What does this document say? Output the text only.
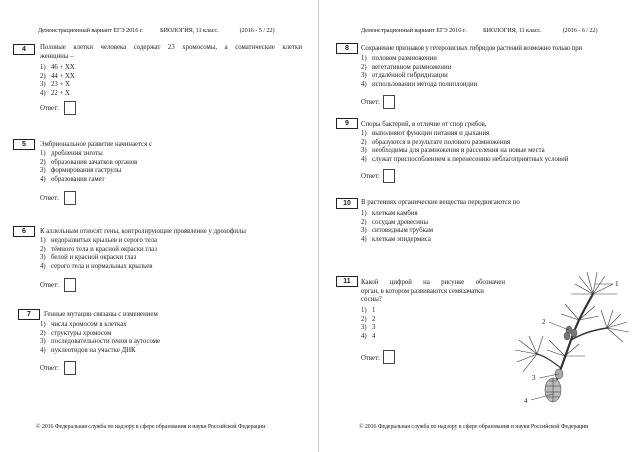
Демонстрационный вариант ЕГЭ 2016 г.	БИОЛОГИЯ, 11 класс.	(2016 - 5 / 22)
4	Половые клетки человека содержат 23 хромосомы, а соматические клетки
женщины –
1) 46 + XX
2) 44 + XX
3) 23 + X
4) 22 + X
Ответ:
5	Эмбриональное развитие начинается с
1) дробления зиготы
2) образования зачатков органов
3) формирования гаструлы
4) образования гамет
Ответ:
6	К аллельным относят гены, контролирующие проявление у дрозофилы
1) недоразвитых крыльев и серого тела
2) тёмного тела и красной окраски глаз
3) белой и красной окраски глаз
4) серого тела и нормальных крыльев
Ответ:
7	Генные мутации связаны с изменением
1) числа хромосом в клетках
2) структуры хромосом
3) последовательности генов в аутосоме
4) нуклеотидов на участке ДНК
Ответ:
© 2016 Федеральная служба по надзору в сфере образования и науки Российской Федерации
Демонстрационный вариант ЕГЭ 2016 г.	БИОЛОГИЯ, 11 класс.	(2016 - 6 / 22)
8	Сохранение признаков у гетерозисных гибридов растений возможно только при
1) половом размножении
2) вегетативном размножении
3) отдалённой гибридизации
4) использовании метода полиплоидии
Ответ:
9	Споры бактерий, в отличие от спор грибов,
1) выполняют функции питания и дыхания
2) образуются в результате полового размножения
3) необходимы для размножения и расселения на новые места
4) служат приспособлением к перенесению неблагоприятных условий
Ответ:
10	В растениях органические вещества передвигаются по
1) клеткам камбия
2) сосудам древесины
3) ситовидным трубкам
4) клеткам эпидермиса
11	Какой цифрой на рисунке обозначен
орган, в котором развиваются семязачатки
сосны?
1) 1
2) 2
3) 3
4) 4
Ответ:
1
2
3
4
© 2016 Федеральная служба по надзору в сфере образования и науки Российской Федерации
